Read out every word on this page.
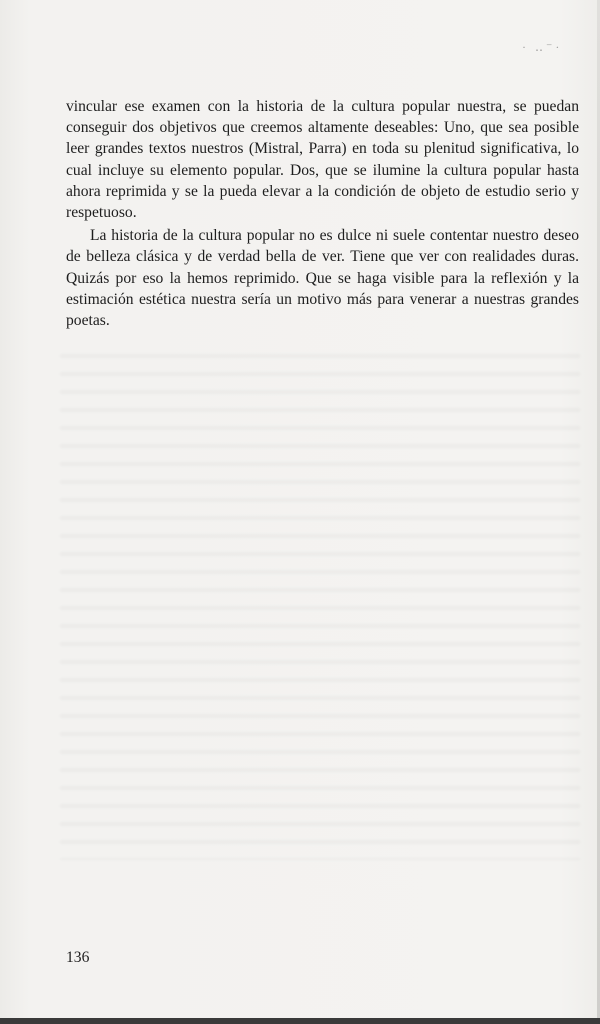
· ‥⁻·

vincular ese examen con la historia de la cultura popular nuestra, se puedan conseguir dos objetivos que creemos altamente deseables: Uno, que sea posible leer grandes textos nuestros (Mistral, Parra) en toda su plenitud significativa, lo cual incluye su elemento popular. Dos, que se ilumine la cultura popular hasta ahora reprimida y se la pueda elevar a la condición de objeto de estudio serio y respetuoso.

La historia de la cultura popular no es dulce ni suele contentar nuestro deseo de belleza clásica y de verdad bella de ver. Tiene que ver con realidades duras. Quizás por eso la hemos reprimido. Que se haga visible para la reflexión y la estimación estética nuestra sería un motivo más para venerar a nuestras grandes poetas.

136
